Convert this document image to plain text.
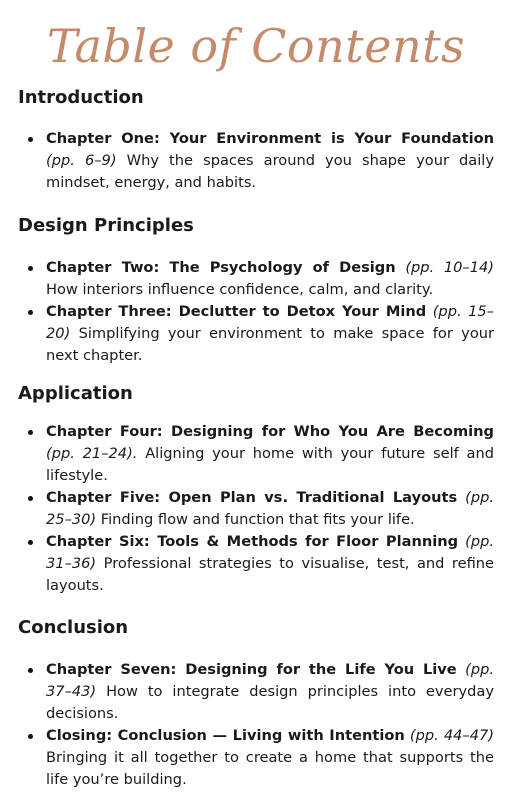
Table of Contents
Introduction
Chapter One: Your Environment is Your Foundation (pp. 6–9) Why the spaces around you shape your daily mindset, energy, and habits.
Design Principles
Chapter Two: The Psychology of Design (pp. 10–14) How interiors influence confidence, calm, and clarity.
Chapter Three: Declutter to Detox Your Mind (pp. 15–20) Simplifying your environment to make space for your next chapter.
Application
Chapter Four: Designing for Who You Are Becoming (pp. 21–24). Aligning your home with your future self and lifestyle.
Chapter Five: Open Plan vs. Traditional Layouts (pp. 25–30) Finding flow and function that fits your life.
Chapter Six: Tools & Methods for Floor Planning (pp. 31–36) Professional strategies to visualise, test, and refine layouts.
Conclusion
Chapter Seven: Designing for the Life You Live (pp. 37–43) How to integrate design principles into everyday decisions.
Closing: Conclusion — Living with Intention (pp. 44–47) Bringing it all together to create a home that supports the life you’re building.
